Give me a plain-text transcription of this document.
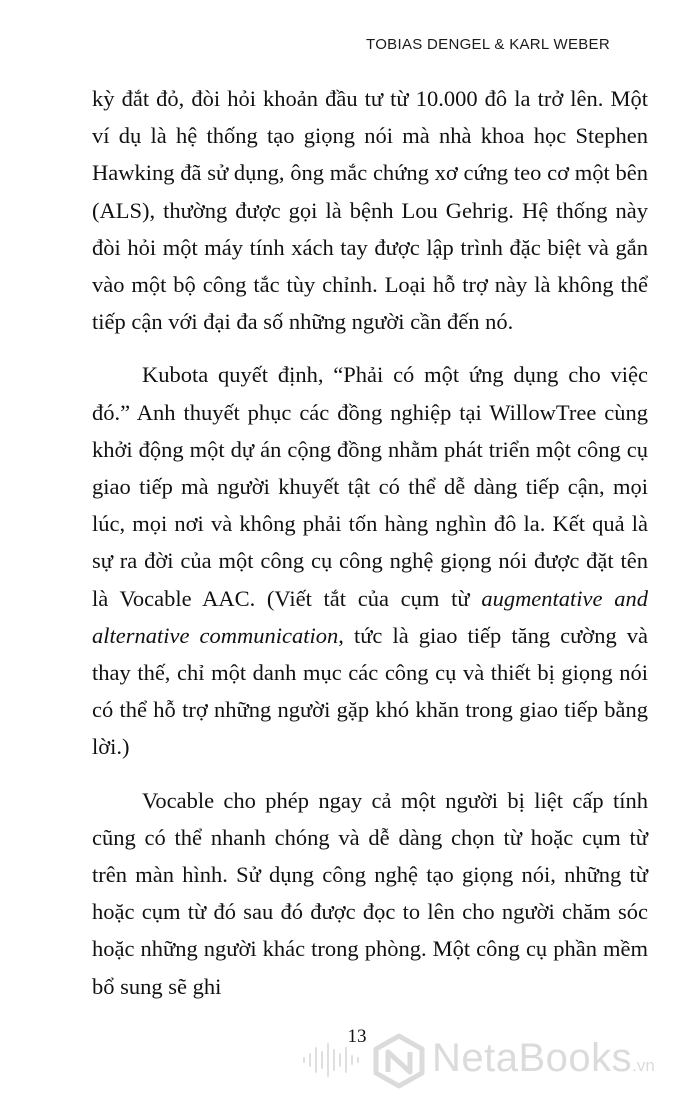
TOBIAS DENGEL & KARL WEBER

kỳ đắt đỏ, đòi hỏi khoản đầu tư từ 10.000 đô la trở lên. Một ví dụ là hệ thống tạo giọng nói mà nhà khoa học Stephen Hawking đã sử dụng, ông mắc chứng xơ cứng teo cơ một bên (ALS), thường được gọi là bệnh Lou Gehrig. Hệ thống này đòi hỏi một máy tính xách tay được lập trình đặc biệt và gắn vào một bộ công tắc tùy chỉnh. Loại hỗ trợ này là không thể tiếp cận với đại đa số những người cần đến nó.

Kubota quyết định, “Phải có một ứng dụng cho việc đó.” Anh thuyết phục các đồng nghiệp tại WillowTree cùng khởi động một dự án cộng đồng nhằm phát triển một công cụ giao tiếp mà người khuyết tật có thể dễ dàng tiếp cận, mọi lúc, mọi nơi và không phải tốn hàng nghìn đô la. Kết quả là sự ra đời của một công cụ công nghệ giọng nói được đặt tên là Vocable AAC. (Viết tắt của cụm từ augmentative and alternative communication, tức là giao tiếp tăng cường và thay thế, chỉ một danh mục các công cụ và thiết bị giọng nói có thể hỗ trợ những người gặp khó khăn trong giao tiếp bằng lời.)

Vocable cho phép ngay cả một người bị liệt cấp tính cũng có thể nhanh chóng và dễ dàng chọn từ hoặc cụm từ trên màn hình. Sử dụng công nghệ tạo giọng nói, những từ hoặc cụm từ đó sau đó được đọc to lên cho người chăm sóc hoặc những người khác trong phòng. Một công cụ phần mềm bổ sung sẽ ghi

13	NetaBooks.vn
